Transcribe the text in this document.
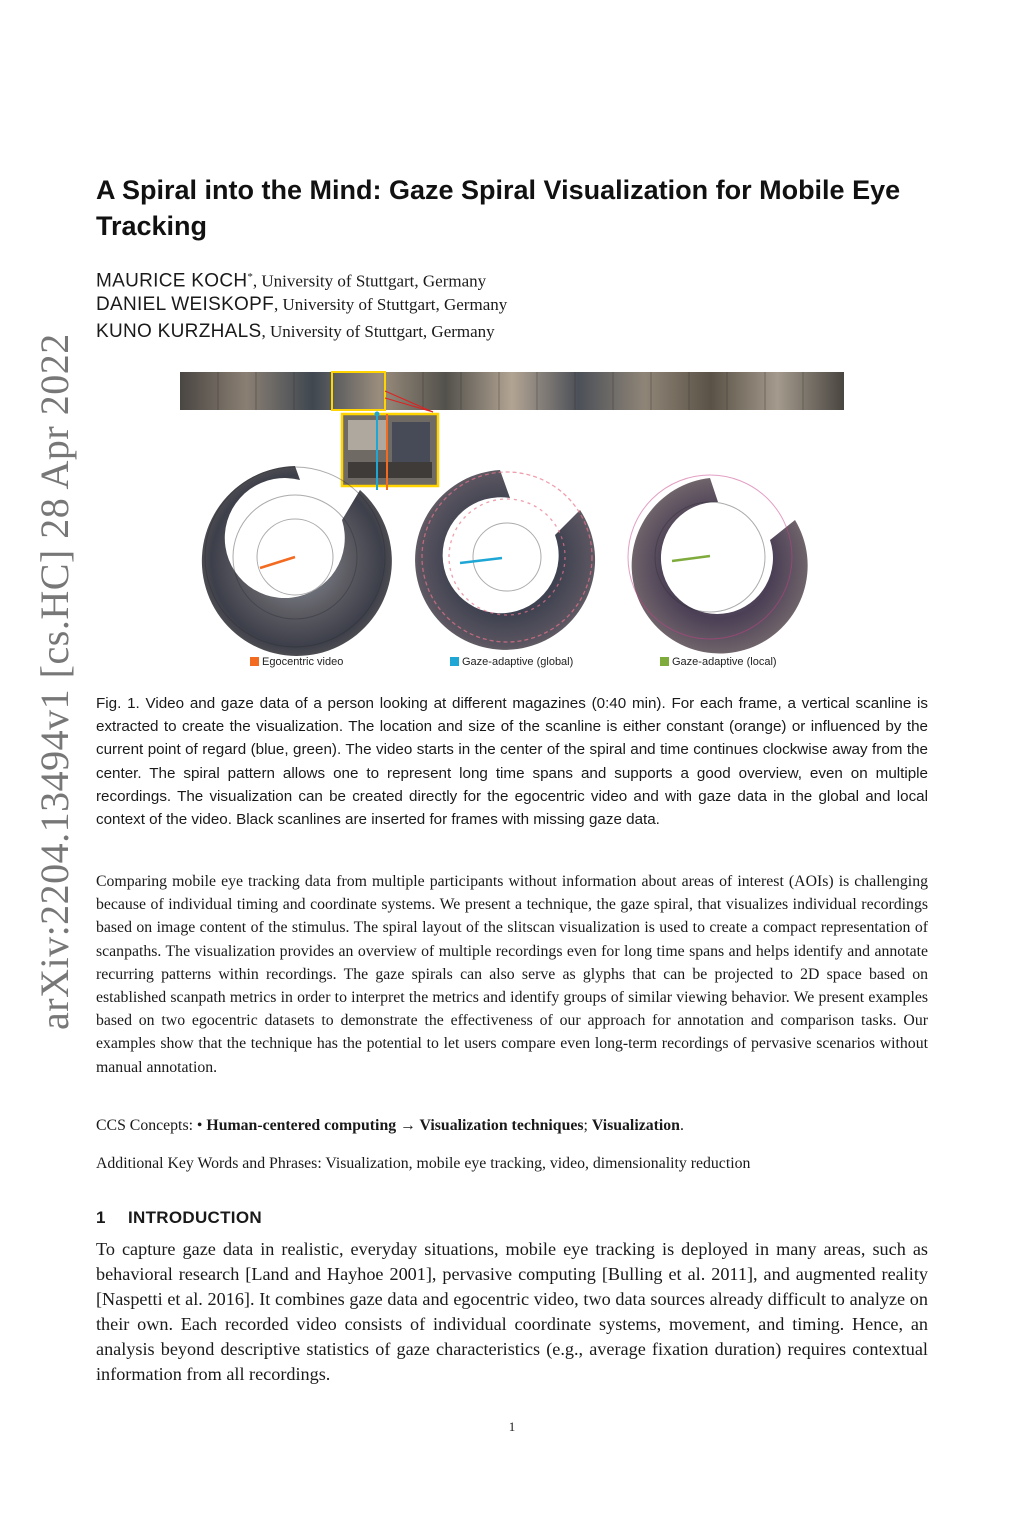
arXiv:2204.13494v1 [cs.HC] 28 Apr 2022
A Spiral into the Mind: Gaze Spiral Visualization for Mobile Eye Tracking
MAURICE KOCH*, University of Stuttgart, Germany
DANIEL WEISKOPF, University of Stuttgart, Germany
KUNO KURZHALS, University of Stuttgart, Germany
Egocentric video	Gaze-adaptive (global)	Gaze-adaptive (local)

Fig. 1. Video and gaze data of a person looking at different magazines (0:40 min). For each frame, a vertical scanline is extracted to create the visualization. The location and size of the scanline is either constant (orange) or influenced by the current point of regard (blue, green). The video starts in the center of the spiral and time continues clockwise away from the center. The spiral pattern allows one to represent long time spans and supports a good overview, even on multiple recordings. The visualization can be created directly for the egocentric video and with gaze data in the global and local context of the video. Black scanlines are inserted for frames with missing gaze data.

Comparing mobile eye tracking data from multiple participants without information about areas of interest (AOIs) is challenging because of individual timing and coordinate systems. We present a technique, the gaze spiral, that visualizes individual recordings based on image content of the stimulus. The spiral layout of the slitscan visualization is used to create a compact representation of scanpaths. The visualization provides an overview of multiple recordings even for long time spans and helps identify and annotate recurring patterns within recordings. The gaze spirals can also serve as glyphs that can be projected to 2D space based on established scanpath metrics in order to interpret the metrics and identify groups of similar viewing behavior. We present examples based on two egocentric datasets to demonstrate the effectiveness of our approach for annotation and comparison tasks. Our examples show that the technique has the potential to let users compare even long-term recordings of pervasive scenarios without manual annotation.

CCS Concepts: • Human-centered computing → Visualization techniques; Visualization.

Additional Key Words and Phrases: Visualization, mobile eye tracking, video, dimensionality reduction

1 INTRODUCTION

To capture gaze data in realistic, everyday situations, mobile eye tracking is deployed in many areas, such as behavioral research [Land and Hayhoe 2001], pervasive computing [Bulling et al. 2011], and augmented reality [Naspetti et al. 2016]. It combines gaze data and egocentric video, two data sources already difficult to analyze on their own. Each recorded video consists of individual coordinate systems, movement, and timing. Hence, an analysis beyond descriptive statistics of gaze characteristics (e.g., average fixation duration) requires contextual information from all recordings.

1
